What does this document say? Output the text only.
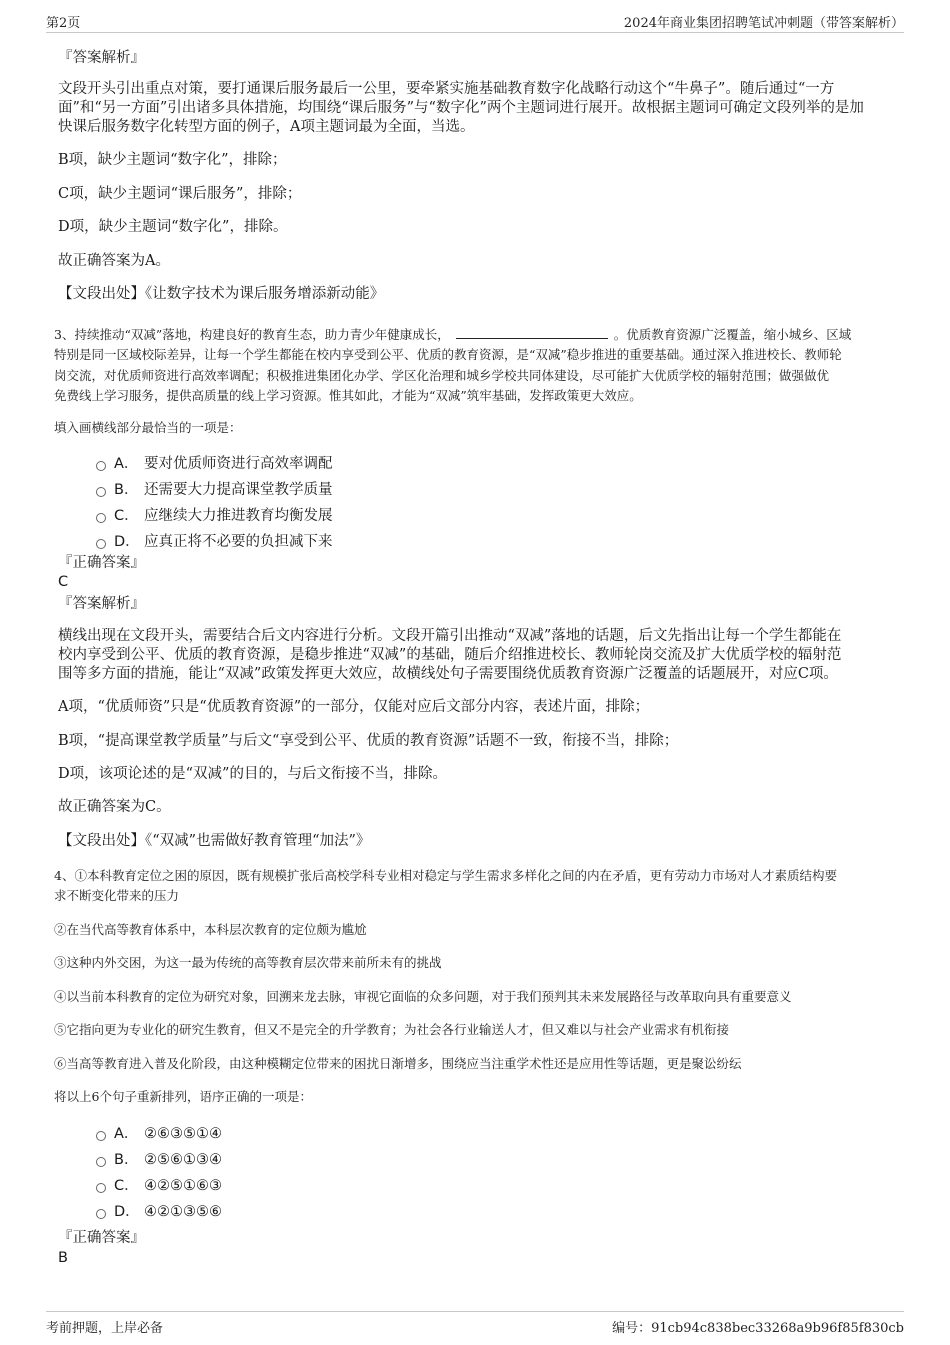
第2页	2024年商业集团招聘笔试冲刺题（带答案解析）
『答案解析』
文段开头引出重点对策，要打通课后服务最后一公里，要牵紧实施基础教育数字化战略行动这个“牛鼻子”。随后通过“一方
面”和“另一方面”引出诸多具体措施，均围绕“课后服务”与“数字化”两个主题词进行展开。故根据主题词可确定文段列举的是加
快课后服务数字化转型方面的例子，A项主题词最为全面，当选。
B项，缺少主题词“数字化”，排除；
C项，缺少主题词“课后服务”，排除；
D项，缺少主题词“数字化”，排除。
故正确答案为A。
【文段出处】《让数字技术为课后服务增添新动能》
3、持续推动“双减”落地，构建良好的教育生态，助力青少年健康成长，	。优质教育资源广泛覆盖，缩小城乡、区域
特别是同一区域校际差异，让每一个学生都能在校内享受到公平、优质的教育资源，是“双减”稳步推进的重要基础。通过深入推进校长、教师轮
岗交流，对优质师资进行高效率调配；积极推进集团化办学、学区化治理和城乡学校共同体建设，尽可能扩大优质学校的辐射范围；做强做优
免费线上学习服务，提供高质量的线上学习资源。惟其如此，才能为“双减”筑牢基础，发挥政策更大效应。
填入画横线部分最恰当的一项是：
A． 要对优质师资进行高效率调配
B． 还需要大力提高课堂教学质量
C． 应继续大力推进教育均衡发展
D． 应真正将不必要的负担减下来
『正确答案』
C
『答案解析』
横线出现在文段开头，需要结合后文内容进行分析。文段开篇引出推动“双减”落地的话题，后文先指出让每一个学生都能在
校内享受到公平、优质的教育资源，是稳步推进“双减”的基础，随后介绍推进校长、教师轮岗交流及扩大优质学校的辐射范
围等多方面的措施，能让“双减”政策发挥更大效应，故横线处句子需要围绕优质教育资源广泛覆盖的话题展开，对应C项。
A项，“优质师资”只是“优质教育资源”的一部分，仅能对应后文部分内容，表述片面，排除；
B项，“提高课堂教学质量”与后文“享受到公平、优质的教育资源”话题不一致，衔接不当，排除；
D项，该项论述的是“双减”的目的，与后文衔接不当，排除。
故正确答案为C。
【文段出处】《“双减”也需做好教育管理“加法”》
4、①本科教育定位之困的原因，既有规模扩张后高校学科专业相对稳定与学生需求多样化之间的内在矛盾，更有劳动力市场对人才素质结构要
求不断变化带来的压力
②在当代高等教育体系中，本科层次教育的定位颇为尴尬
③这种内外交困，为这一最为传统的高等教育层次带来前所未有的挑战
④以当前本科教育的定位为研究对象，回溯来龙去脉，审视它面临的众多问题，对于我们预判其未来发展路径与改革取向具有重要意义
⑤它指向更为专业化的研究生教育，但又不是完全的升学教育；为社会各行业输送人才，但又难以与社会产业需求有机衔接
⑥当高等教育进入普及化阶段，由这种模糊定位带来的困扰日渐增多，围绕应当注重学术性还是应用性等话题，更是聚讼纷纭
将以上6个句子重新排列，语序正确的一项是：
A． ②⑥③⑤①④
B． ②⑤⑥①③④
C． ④②⑤①⑥③
D． ④②①③⑤⑥
『正确答案』
B
考前押题，上岸必备	编号：91cb94c838bec33268a9b96f85f830cb
